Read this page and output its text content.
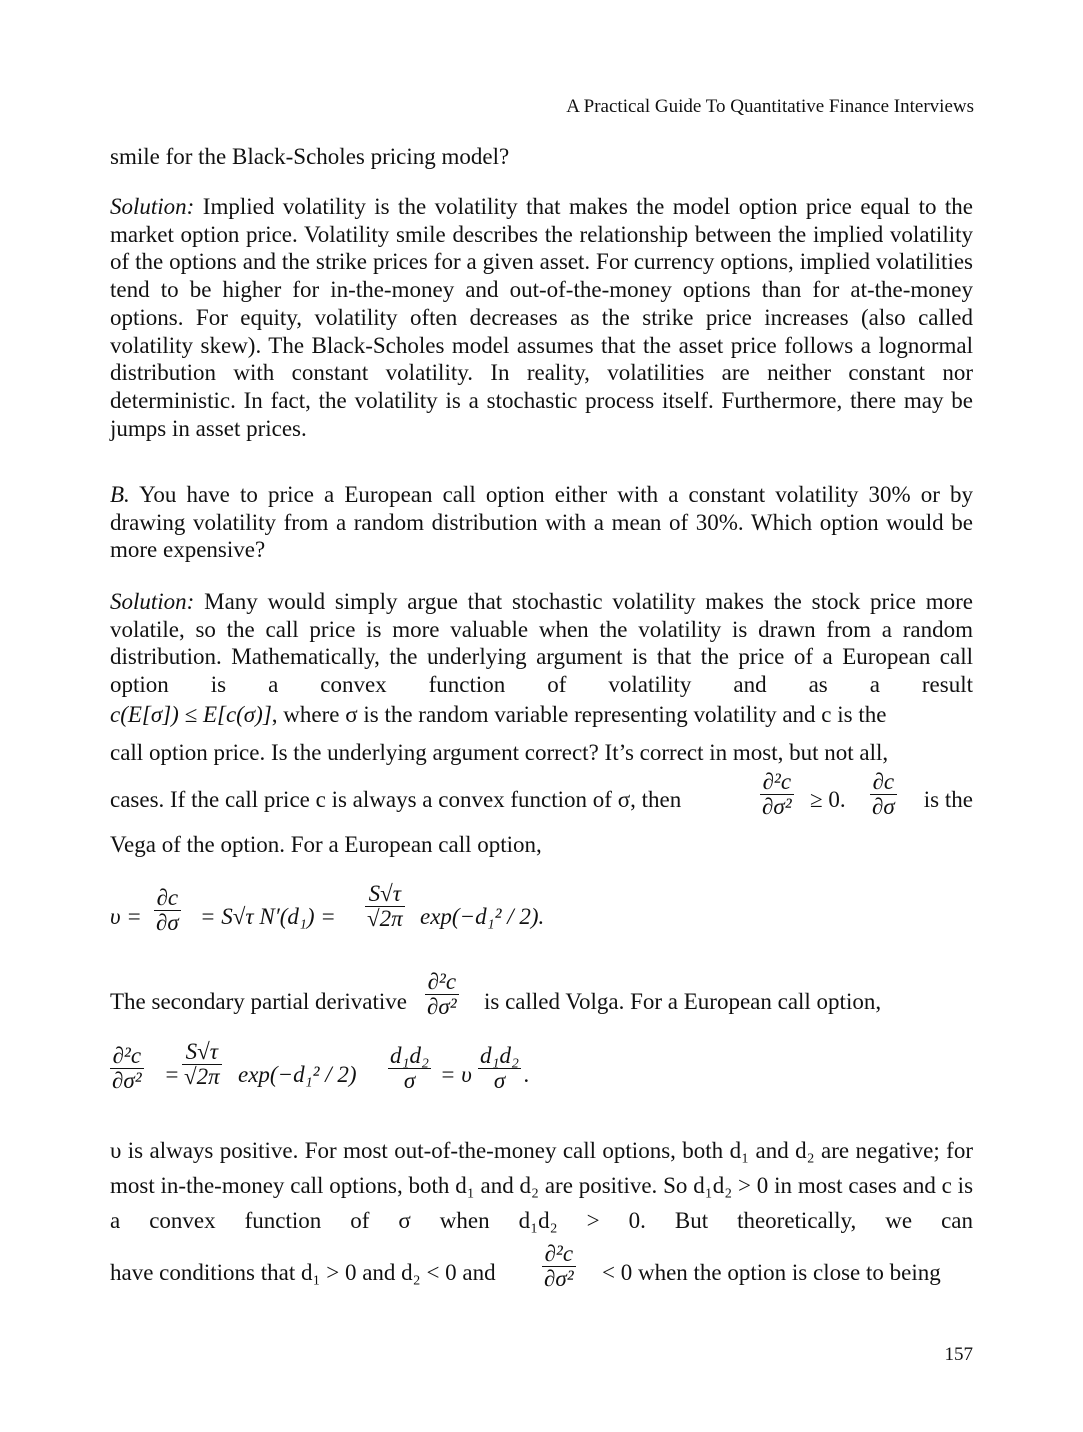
A Practical Guide To Quantitative Finance Interviews
smile for the Black-Scholes pricing model?
Solution: Implied volatility is the volatility that makes the model option price equal to the market option price. Volatility smile describes the relationship between the implied volatility of the options and the strike prices for a given asset. For currency options, implied volatilities tend to be higher for in-the-money and out-of-the-money options than for at-the-money options. For equity, volatility often decreases as the strike price increases (also called volatility skew). The Black-Scholes model assumes that the asset price follows a lognormal distribution with constant volatility. In reality, volatilities are neither constant nor deterministic. In fact, the volatility is a stochastic process itself. Furthermore, there may be jumps in asset prices.
B. You have to price a European call option either with a constant volatility 30% or by drawing volatility from a random distribution with a mean of 30%. Which option would be more expensive?
Solution: Many would simply argue that stochastic volatility makes the stock price more volatile, so the call price is more valuable when the volatility is drawn from a random distribution. Mathematically, the underlying argument is that the price of a European call option is a convex function of volatility and as a result
c(E[σ]) ≤ E[c(σ)], where σ is the random variable representing volatility and c is the
call option price. Is the underlying argument correct? It’s correct in most, but not all,
cases. If the call price c is always a convex function of σ, then	$\frac{\text{∂²c}}{\text{∂σ²}} \ge 0$. $\frac{\partial c}{\partial\sigma}$ is the
Vega of the option. For a European call option,
$\upsilon = \frac{\partial c}{\partial\sigma} = S√\tau$ $N'(d_1) = \frac{S√\tau}{√2\pi} \exp(-d_1^2 / 2)$.
The secondary partial derivative $\frac{\text{∂²c}}{\text{∂σ²}}$ is called Volga. For a European call option,
$\frac{\text{∂²c}}{\text{∂σ²}} = \frac{S√\tau}{√2\pi} \exp(-d_1^2 / 2) \frac{\text{d₁d₂}}{\sigma} = \upsilon \frac{\text{d₁d₂}}{\sigma}$ .
υ is always positive. For most out-of-the-money call options, both d₁ and d₂ are negative; for most in-the-money call options, both d₁ and d₂ are positive. So d₁d₂ > 0 in most cases and c is a convex function of σ when d₁d₂ > 0. But theoretically, we can
have conditions that d₁ > 0 and d₂ < 0 and $\frac{\text{∂²c}}{\text{∂σ²}} < 0$ when the option is close to being
157
